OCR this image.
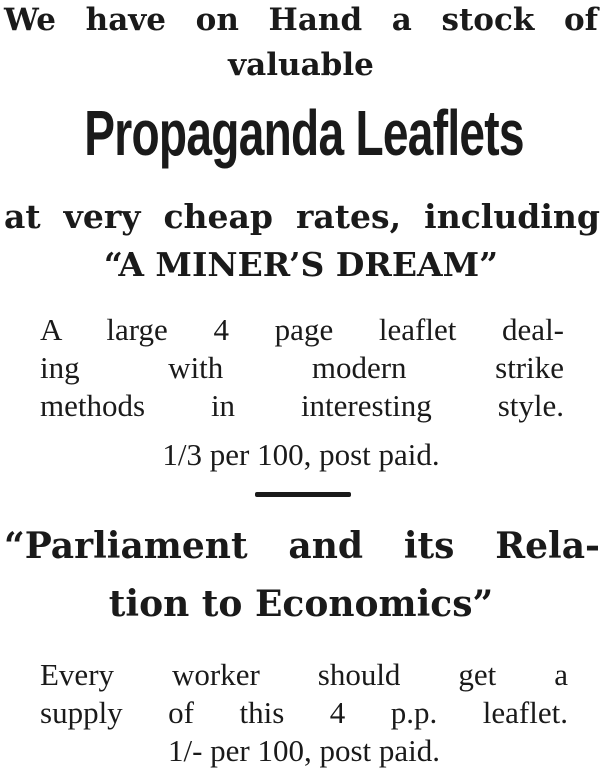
We have on Hand a stock of
valuable
Propaganda Leaflets
at very cheap rates, including
“A MINER’S DREAM”
A large 4 page leaflet deal-
ing with modern strike
methods in interesting style.
1/3 per 100, post paid.
“Parliament and its Rela-
tion to Economics”
Every worker should get a
supply of this 4 p.p. leaflet.
1/- per 100, post paid.
